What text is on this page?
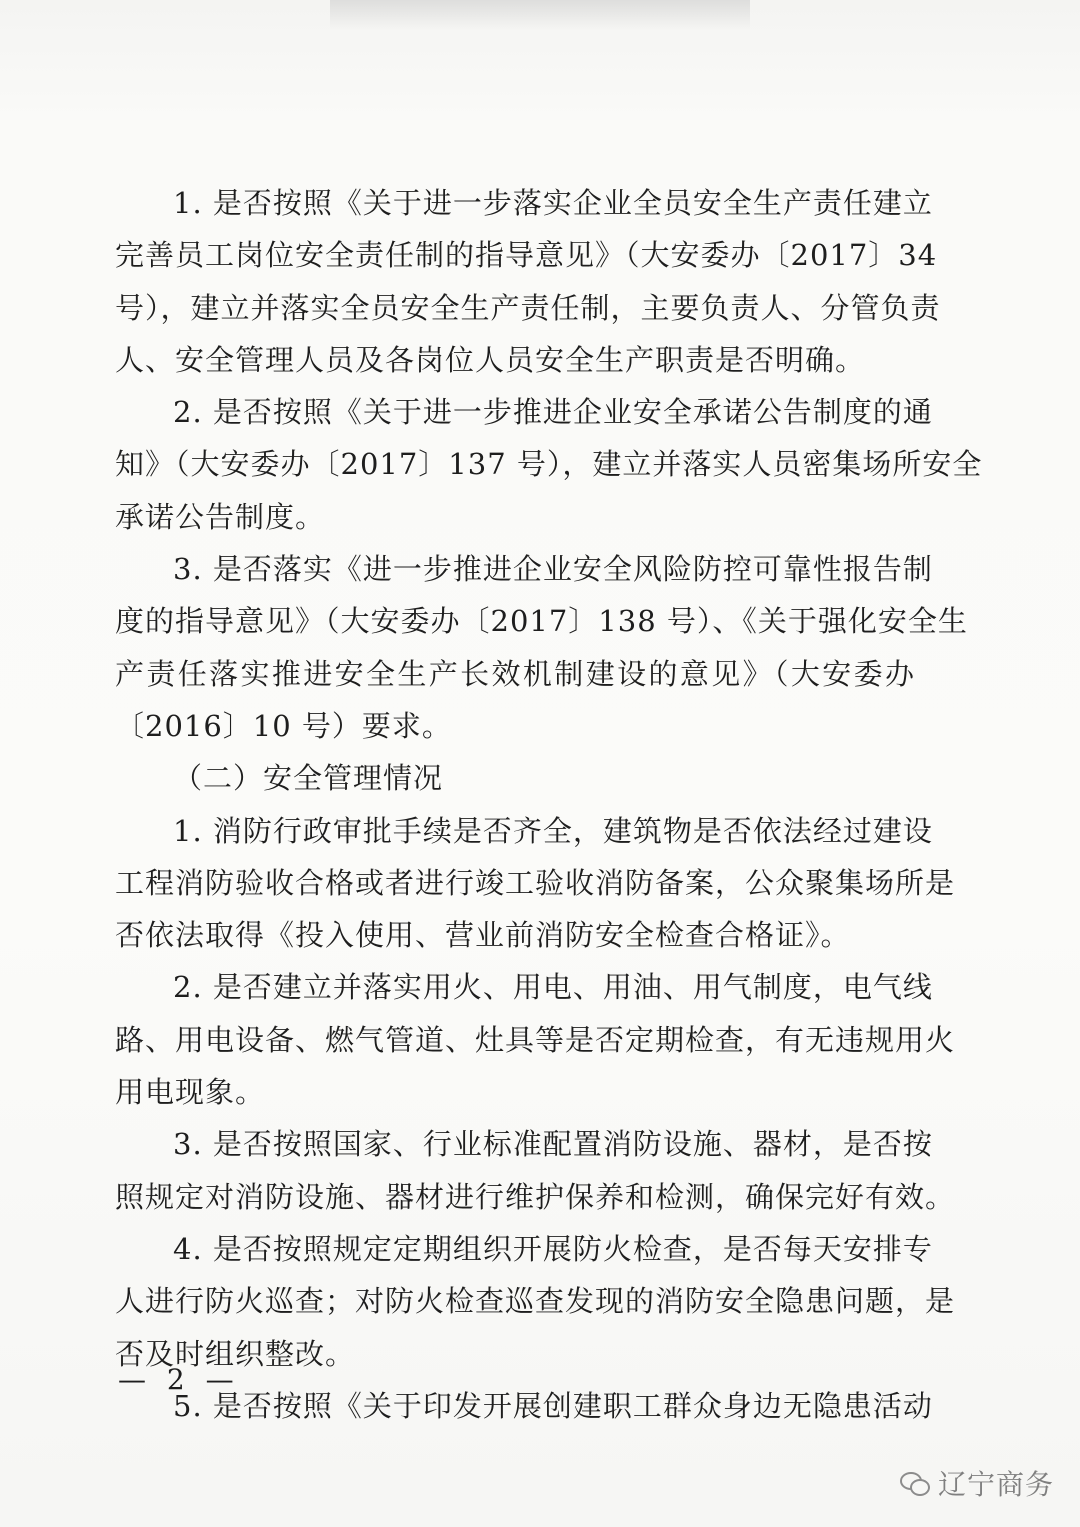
1. 是否按照《关于进一步落实企业全员安全生产责任建立
完善员工岗位安全责任制的指导意见》（大安委办〔2017〕34
号），建立并落实全员安全生产责任制，主要负责人、分管负责
人、安全管理人员及各岗位人员安全生产职责是否明确。
2. 是否按照《关于进一步推进企业安全承诺公告制度的通
知》（大安委办〔2017〕137 号），建立并落实人员密集场所安全
承诺公告制度。
3. 是否落实《进一步推进企业安全风险防控可靠性报告制
度的指导意见》（大安委办〔2017〕138 号）、《关于强化安全生
产责任落实推进安全生产长效机制建设的意见》（大安委办
〔2016〕10 号）要求。
（二）安全管理情况
1. 消防行政审批手续是否齐全，建筑物是否依法经过建设
工程消防验收合格或者进行竣工验收消防备案，公众聚集场所是
否依法取得《投入使用、营业前消防安全检查合格证》。
2. 是否建立并落实用火、用电、用油、用气制度，电气线
路、用电设备、燃气管道、灶具等是否定期检查，有无违规用火
用电现象。
3. 是否按照国家、行业标准配置消防设施、器材，是否按
照规定对消防设施、器材进行维护保养和检测，确保完好有效。
4. 是否按照规定定期组织开展防火检查，是否每天安排专
人进行防火巡查；对防火检查巡查发现的消防安全隐患问题，是
否及时组织整改。
5. 是否按照《关于印发开展创建职工群众身边无隐患活动
— 2 —
辽宁商务
